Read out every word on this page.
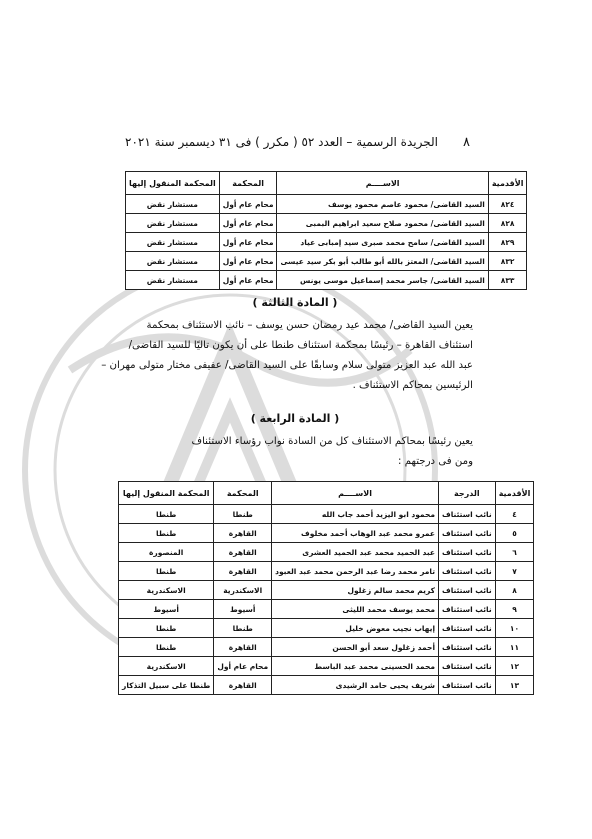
٨
الجريدة الرسمية – العدد ٥٢ ( مكرر ) فى ٣١ ديسمبر سنة ٢٠٢١
الأقدمية	الاســــم	المحكمة	المحكمة المنقول إليها
٨٢٤	السيد القاضى/ محمود عاصم محمود يوسف	محام عام أول	مستشار نقض
٨٢٨	السيد القاضى/ محمود صلاح سعيد ابراهيم البمبى	محام عام أول	مستشار نقض
٨٢٩	السيد القاضى/ سامح محمد صبرى سيد إمبابى عياد	محام عام أول	مستشار نقض
٨٣٢	السيد القاضى/ المعتز بالله أبو طالب أبو بكر سيد عيسى	محام عام أول	مستشار نقض
٨٣٣	السيد القاضى/ جاسر محمد إسماعيل موسى يونس	محام عام أول	مستشار نقض
( المادة الثالثة )
يعين السيد القاضى/ محمد عيد رمضان حسن يوسف – نائب الاستئناف بمحكمة
استئناف القاهرة – رئيسًا بمحكمة استئناف طنطا على أن يكون تاليًا للسيد القاضى/
عبد الله عبد العزيز متولى سلام وسابقًا على السيد القاضى/ عفيفى مختار متولى مهران –
الرئيسين بمحاكم الاستئناف .
( المادة الرابعة )
يعين رئيسًا بمحاكم الاستئناف كل من السادة نواب رؤساء الاستئناف
ومن فى درجتهم :
الأقدمية	الدرجة	الاســــم	المحكمة	المحكمة المنقول إليها
٤	نائب استئناف	محمود ابو اليزيد أحمد جاب الله	طنطا	طنطا
٥	نائب استئناف	عمرو محمد عبد الوهاب أحمد مخلوف	القاهرة	طنطا
٦	نائب استئناف	عبد الحميد محمد عبد الحميد العشرى	القاهرة	المنصورة
٧	نائب استئناف	تامر محمد رضا عبد الرحمن محمد عبد العبود	القاهرة	طنطا
٨	نائب استئناف	كريم محمد سالم زغلول	الاسكندرية	الاسكندرية
٩	نائب استئناف	محمد يوسف محمد الليثى	أسيوط	أسيوط
١٠	نائب استئناف	إيهاب نجيب معوض خليل	طنطا	طنطا
١١	نائب استئناف	أحمد زغلول سعد أبو الحسن	القاهرة	طنطا
١٢	نائب استئناف	محمد الحسينى محمد عبد الباسط	محام عام أول	الاسكندرية
١٣	نائب استئناف	شريف يحيى حامد الرشيدى	القاهرة	طنطا على سبيل التذكار
